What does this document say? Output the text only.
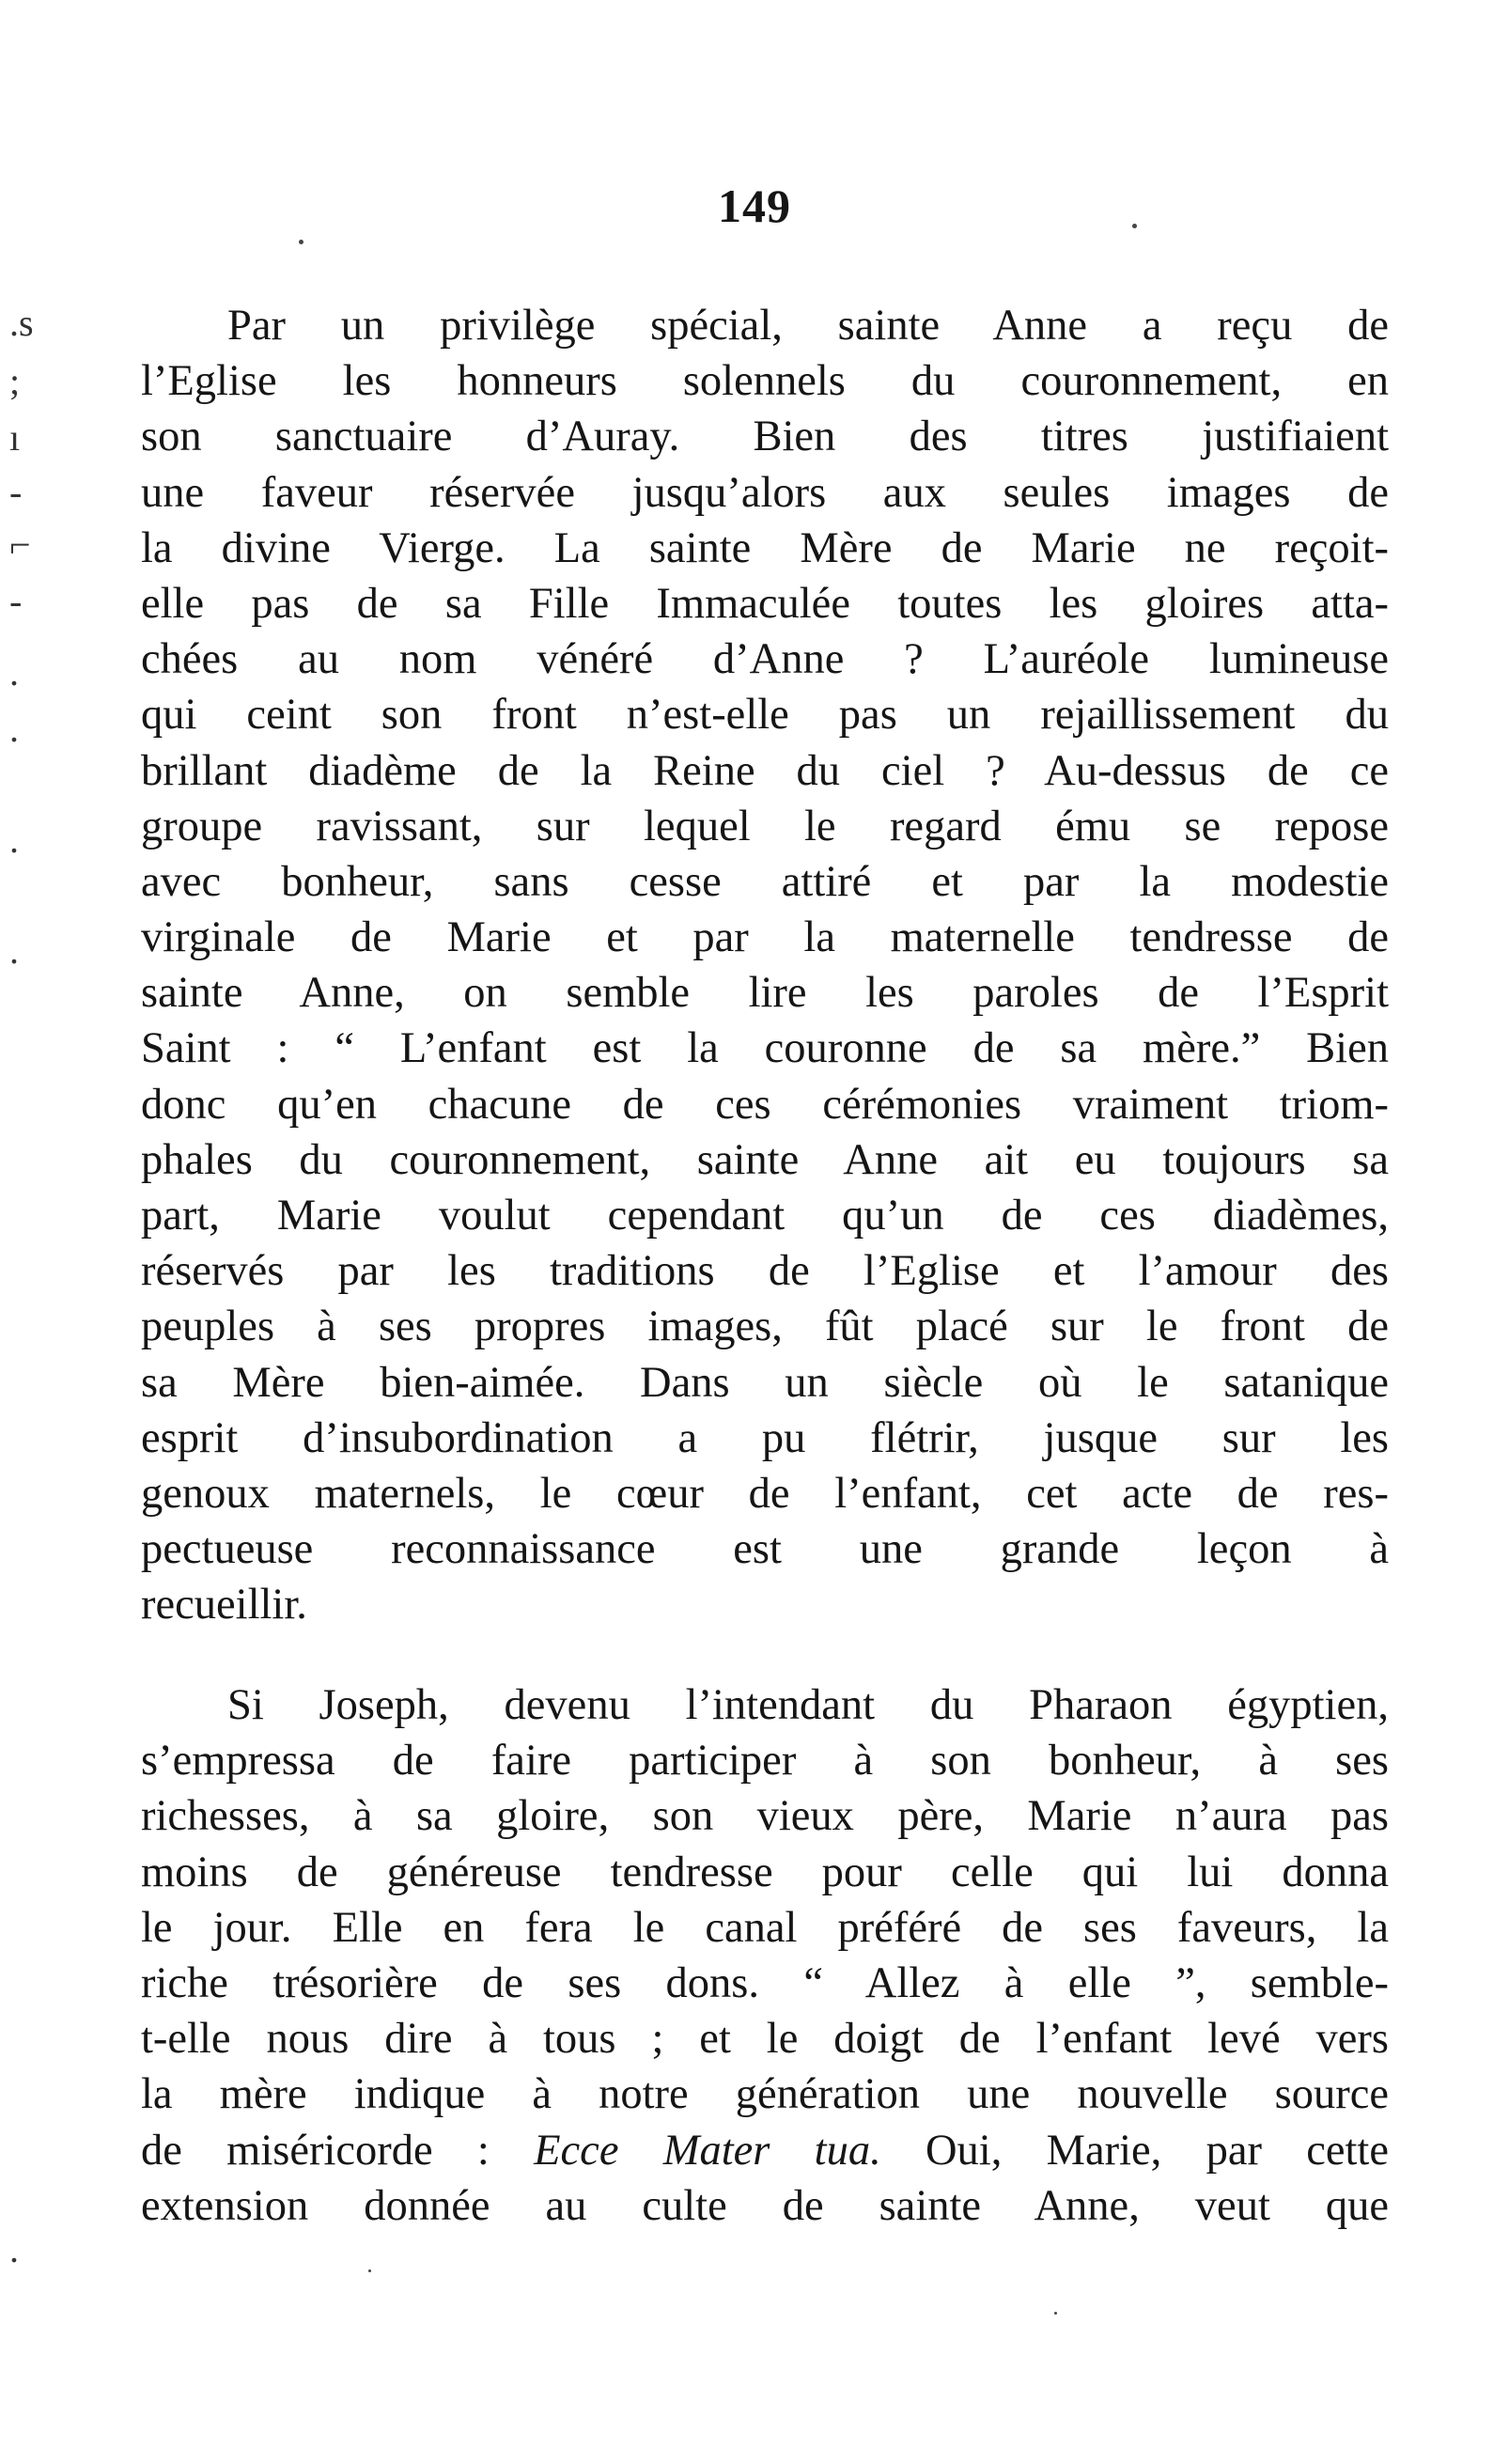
149
.s
;
ı
-
⌐
-
.
.
.
.
.
Par un privilège spécial, sainte Anne a reçu de
l’Eglise les honneurs solennels du couronnement, en
son sanctuaire d’Auray. Bien des titres justifiaient
une faveur réservée jusqu’alors aux seules images de
la divine Vierge. La sainte Mère de Marie ne reçoit-
elle pas de sa Fille Immaculée toutes les gloires atta-
chées au nom vénéré d’Anne ? L’auréole lumineuse
qui ceint son front n’est-elle pas un rejaillissement du
brillant diadème de la Reine du ciel ? Au-dessus de ce
groupe ravissant, sur lequel le regard ému se repose
avec bonheur, sans cesse attiré et par la modestie
virginale de Marie et par la maternelle tendresse de
sainte Anne, on semble lire les paroles de l’Esprit
Saint : “ L’enfant est la couronne de sa mère.” Bien
donc qu’en chacune de ces cérémonies vraiment triom-
phales du couronnement, sainte Anne ait eu toujours sa
part, Marie voulut cependant qu’un de ces diadèmes,
réservés par les traditions de l’Eglise et l’amour des
peuples à ses propres images, fût placé sur le front de
sa Mère bien-aimée. Dans un siècle où le satanique
esprit d’insubordination a pu flétrir, jusque sur les
genoux maternels, le cœur de l’enfant, cet acte de res-
pectueuse reconnaissance est une grande leçon à
recueillir.
Si Joseph, devenu l’intendant du Pharaon égyptien,
s’empressa de faire participer à son bonheur, à ses
richesses, à sa gloire, son vieux père, Marie n’aura pas
moins de généreuse tendresse pour celle qui lui donna
le jour. Elle en fera le canal préféré de ses faveurs, la
riche trésorière de ses dons. “ Allez à elle ”, semble-
t-elle nous dire à tous ; et le doigt de l’enfant levé vers
la mère indique à notre génération une nouvelle source
de miséricorde : Ecce Mater tua. Oui, Marie, par cette
extension donnée au culte de sainte Anne, veut que
